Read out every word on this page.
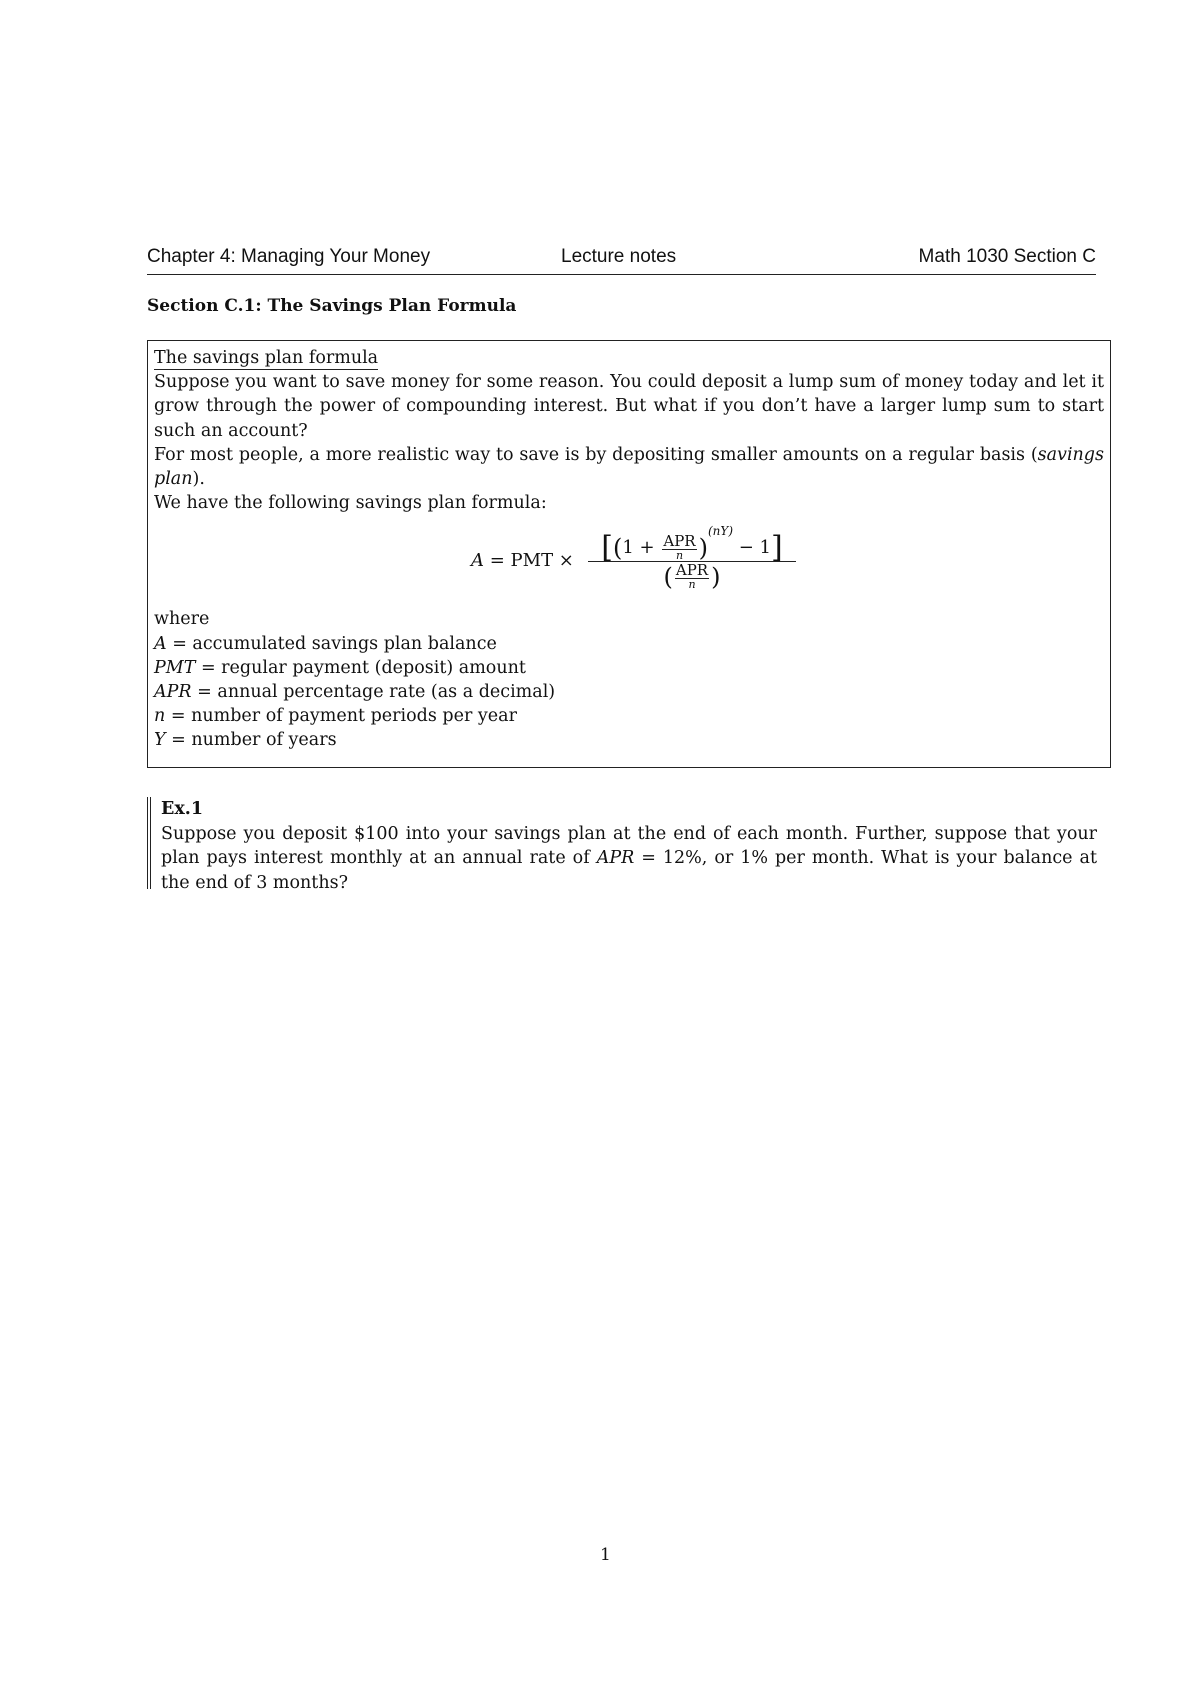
Chapter 4: Managing Your Money	Lecture notes	Math 1030 Section C
Section C.1: The Savings Plan Formula

The savings plan formula

Suppose you want to save money for some reason. You could deposit a lump sum of money today and let it grow through the power of compounding interest. But what if you don’t have a larger lump sum to start such an account?

For most people, a more realistic way to save is by depositing smaller amounts on a regular basis (savings plan).

We have the following savings plan formula:

A = PMT × $[(1 + \frac{\text{APR}}{n} )^{(nY)} - 1]$
( $\frac{\text{APR}}{n}$ )

where

A = accumulated savings plan balance

PMT = regular payment (deposit) amount

APR = annual percentage rate (as a decimal)

n = number of payment periods per year

Y = number of years

Ex.1

Suppose you deposit $100 into your savings plan at the end of each month. Further, suppose that your plan pays interest monthly at an annual rate of APR = 12%, or 1% per month. What is your balance at the end of 3 months?

1
